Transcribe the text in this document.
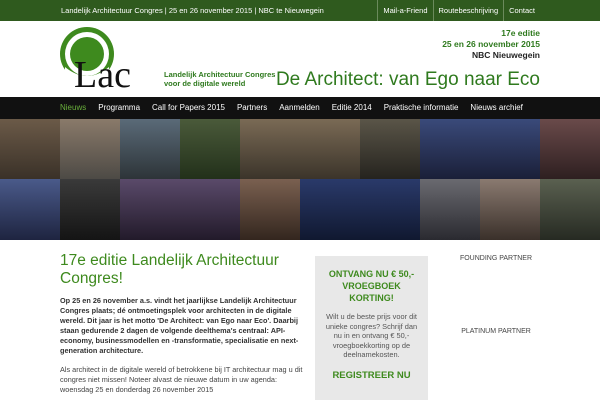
Landelijk Architectuur Congres | 25 en 26 november 2015 | NBC te Nieuwegein	Mail-a-Friend	Routebeschrijving	Contact
Lac	Landelijk Architectuur Congres
voor de digitale wereld
17e editie
25 en 26 november 2015
NBC Nieuwegein
De Architect: van Ego naar Eco
Nieuws	Programma	Call for Papers 2015	Partners	Aanmelden	Editie 2014	Praktische informatie	Nieuws archief
17e editie Landelijk Architectuur Congres!

Op 25 en 26 november a.s. vindt het jaarlijkse Landelijk Architectuur Congres plaats; dé ontmoetingsplek voor architecten in de digitale wereld. Dit jaar is het motto 'De Architect: van Ego naar Eco'. Daarbij staan gedurende 2 dagen de volgende deelthema's centraal: API-economy, businessmodellen en -transformatie, specialisatie en next-generation architecture.

Als architect in de digitale wereld of betrokkene bij IT architectuur mag u dit congres niet missen! Noteer alvast de nieuwe datum in uw agenda: woensdag 25 en donderdag 26 november 2015

ONTVANG NU € 50,- VROEGBOEK KORTING!
Wilt u de beste prijs voor dit unieke congres? Schrijf dan nu in en ontvang € 50,- vroegboekkorting op de deelnamekosten.
REGISTREER NU
FOUNDING PARTNER
PLATINUM PARTNER
